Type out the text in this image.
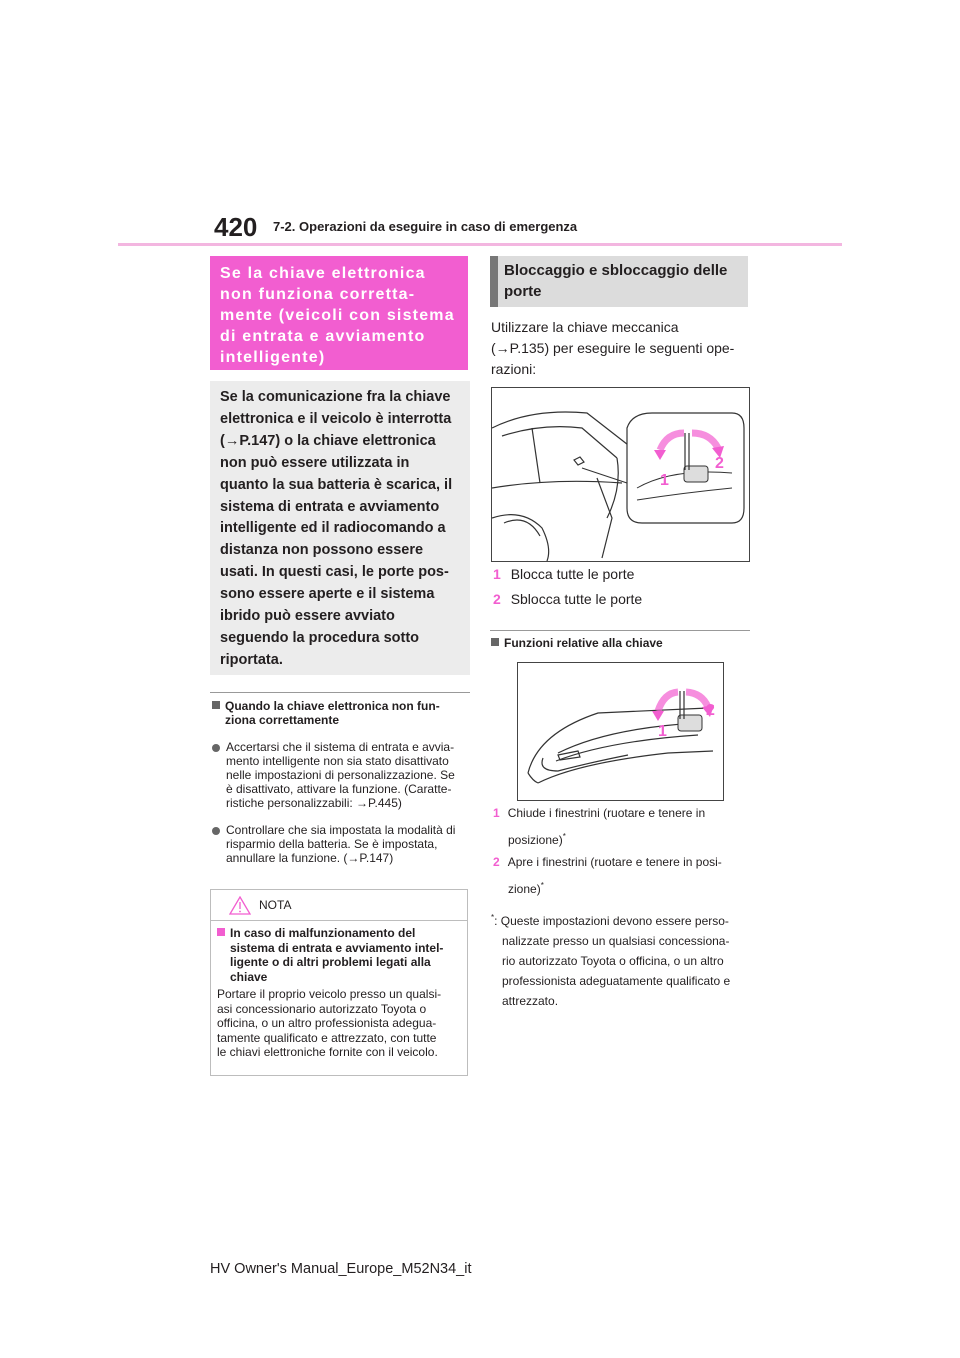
420 7-2. Operazioni da eseguire in caso di emergenza
Se la chiave elettronica
non funziona corretta-
mente (veicoli con sistema
di entrata e avviamento
intelligente)
Se la comunicazione fra la chiave
elettronica e il veicolo è interrotta
(→P.147) o la chiave elettronica
non può essere utilizzata in
quanto la sua batteria è scarica, il
sistema di entrata e avviamento
intelligente ed il radiocomando a
distanza non possono essere
usati. In questi casi, le porte pos-
sono essere aperte e il sistema
ibrido può essere avviato
seguendo la procedura sotto
riportata.
Quando la chiave elettronica non fun-
ziona correttamente
Accertarsi che il sistema di entrata e avvia-
mento intelligente non sia stato disattivato
nelle impostazioni di personalizzazione. Se
è disattivato, attivare la funzione. (Caratte-
ristiche personalizzabili: →P.445)
Controllare che sia impostata la modalità di
risparmio della batteria. Se è impostata,
annullare la funzione. (→P.147)
NOTA
In caso di malfunzionamento del
sistema di entrata e avviamento intel-
ligente o di altri problemi legati alla
chiave
Portare il proprio veicolo presso un qualsi-
asi concessionario autorizzato Toyota o
officina, o un altro professionista adegua-
tamente qualificato e attrezzato, con tutte
le chiavi elettroniche fornite con il veicolo.
Bloccaggio e sbloccaggio delle
porte
Utilizzare la chiave meccanica
(→P.135) per eseguire le seguenti ope-
razioni:
1
2
1 Blocca tutte le porte
2 Sblocca tutte le porte
Funzioni relative alla chiave
1
2
1 Chiude i finestrini (ruotare e tenere in
posizione)*
2 Apre i finestrini (ruotare e tenere in posi-
zione)*
*: Queste impostazioni devono essere perso-
nalizzate presso un qualsiasi concessiona-
rio autorizzato Toyota o officina, o un altro
professionista adeguatamente qualificato e
attrezzato.
HV Owner's Manual_Europe_M52N34_it
